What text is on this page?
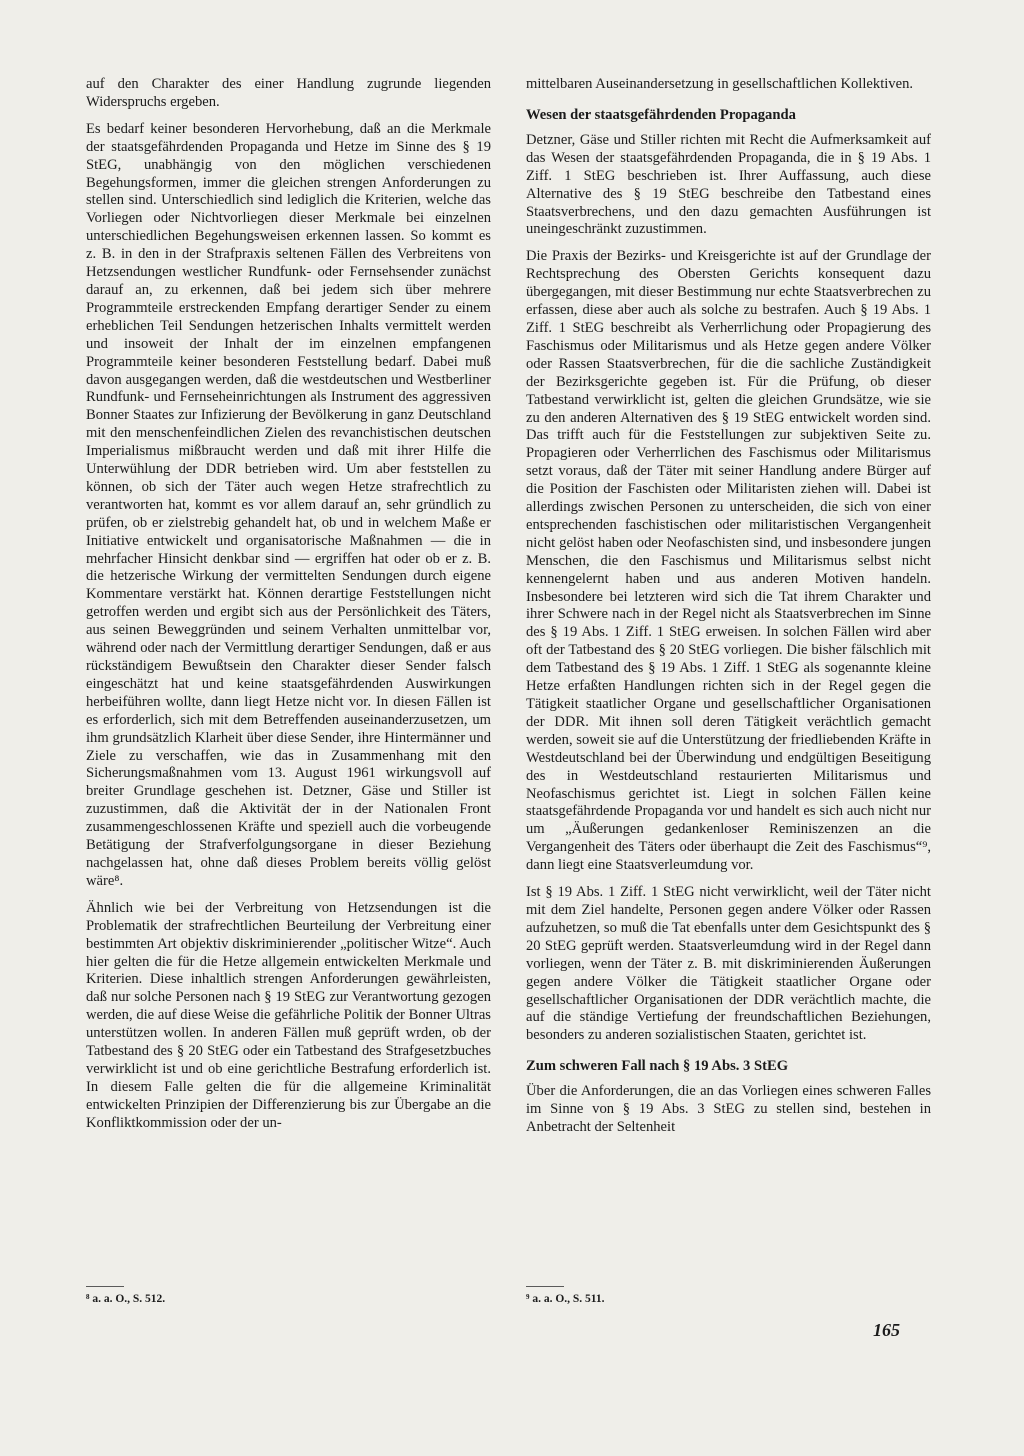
auf den Charakter des einer Handlung zugrunde liegenden Widerspruchs ergeben.

Es bedarf keiner besonderen Hervorhebung, daß an die Merkmale der staatsgefährdenden Propaganda und Hetze im Sinne des § 19 StEG, unabhängig von den möglichen verschiedenen Begehungsformen, immer die gleichen strengen Anforderungen zu stellen sind. Unterschiedlich sind lediglich die Kriterien, welche das Vorliegen oder Nichtvorliegen dieser Merkmale bei einzelnen unterschiedlichen Begehungsweisen erkennen lassen. So kommt es z. B. in den in der Strafpraxis seltenen Fällen des Verbreitens von Hetzsendungen westlicher Rundfunk- oder Fernsehsender zunächst darauf an, zu erkennen, daß bei jedem sich über mehrere Programmteile erstreckenden Empfang derartiger Sender zu einem erheblichen Teil Sendungen hetzerischen Inhalts vermittelt werden und insoweit der Inhalt der im einzelnen empfangenen Programmteile keiner besonderen Feststellung bedarf. Dabei muß davon ausgegangen werden, daß die westdeutschen und Westberliner Rundfunk- und Fernseheinrichtungen als Instrument des aggressiven Bonner Staates zur Infizierung der Bevölkerung in ganz Deutschland mit den menschenfeindlichen Zielen des revanchistischen deutschen Imperialismus mißbraucht werden und daß mit ihrer Hilfe die Unterwühlung der DDR betrieben wird. Um aber feststellen zu können, ob sich der Täter auch wegen Hetze strafrechtlich zu verantworten hat, kommt es vor allem darauf an, sehr gründlich zu prüfen, ob er zielstrebig gehandelt hat, ob und in welchem Maße er Initiative entwickelt und organisatorische Maßnahmen — die in mehrfacher Hinsicht denkbar sind — ergriffen hat oder ob er z. B. die hetzerische Wirkung der vermittelten Sendungen durch eigene Kommentare verstärkt hat. Können derartige Feststellungen nicht getroffen werden und ergibt sich aus der Persönlichkeit des Täters, aus seinen Beweggründen und seinem Verhalten unmittelbar vor, während oder nach der Vermittlung derartiger Sendungen, daß er aus rückständigem Bewußtsein den Charakter dieser Sender falsch eingeschätzt hat und keine staatsgefährdenden Auswirkungen herbeiführen wollte, dann liegt Hetze nicht vor. In diesen Fällen ist es erforderlich, sich mit dem Betreffenden auseinanderzusetzen, um ihm grundsätzlich Klarheit über diese Sender, ihre Hintermänner und Ziele zu verschaffen, wie das in Zusammenhang mit den Sicherungsmaßnahmen vom 13. August 1961 wirkungsvoll auf breiter Grundlage geschehen ist. Detzner, Gäse und Stiller ist zuzustimmen, daß die Aktivität der in der Nationalen Front zusammengeschlossenen Kräfte und speziell auch die vorbeugende Betätigung der Strafverfolgungsorgane in dieser Beziehung nachgelassen hat, ohne daß dieses Problem bereits völlig gelöst wäre⁸.

Ähnlich wie bei der Verbreitung von Hetzsendungen ist die Problematik der strafrechtlichen Beurteilung der Verbreitung einer bestimmten Art objektiv diskriminierender „politischer Witze“. Auch hier gelten die für die Hetze allgemein entwickelten Merkmale und Kriterien. Diese inhaltlich strengen Anforderungen gewährleisten, daß nur solche Personen nach § 19 StEG zur Verantwortung gezogen werden, die auf diese Weise die gefährliche Politik der Bonner Ultras unterstützen wollen. In anderen Fällen muß geprüft wrden, ob der Tatbestand des § 20 StEG oder ein Tatbestand des Strafgesetzbuches verwirklicht ist und ob eine gerichtliche Bestrafung erforderlich ist. In diesem Falle gelten die für die allgemeine Kriminalität entwickelten Prinzipien der Differenzierung bis zur Übergabe an die Konfliktkommission oder der un-

mittelbaren Auseinandersetzung in gesellschaftlichen Kollektiven.

Wesen der staatsgefährdenden Propaganda

Detzner, Gäse und Stiller richten mit Recht die Aufmerksamkeit auf das Wesen der staatsgefährdenden Propaganda, die in § 19 Abs. 1 Ziff. 1 StEG beschrieben ist. Ihrer Auffassung, auch diese Alternative des § 19 StEG beschreibe den Tatbestand eines Staatsverbrechens, und den dazu gemachten Ausführungen ist uneingeschränkt zuzustimmen.

Die Praxis der Bezirks- und Kreisgerichte ist auf der Grundlage der Rechtsprechung des Obersten Gerichts konsequent dazu übergegangen, mit dieser Bestimmung nur echte Staatsverbrechen zu erfassen, diese aber auch als solche zu bestrafen. Auch § 19 Abs. 1 Ziff. 1 StEG beschreibt als Verherrlichung oder Propagierung des Faschismus oder Militarismus und als Hetze gegen andere Völker oder Rassen Staatsverbrechen, für die die sachliche Zuständigkeit der Bezirksgerichte gegeben ist. Für die Prüfung, ob dieser Tatbestand verwirklicht ist, gelten die gleichen Grundsätze, wie sie zu den anderen Alternativen des § 19 StEG entwickelt worden sind. Das trifft auch für die Feststellungen zur subjektiven Seite zu. Propagieren oder Verherrlichen des Faschismus oder Militarismus setzt voraus, daß der Täter mit seiner Handlung andere Bürger auf die Position der Faschisten oder Militaristen ziehen will. Dabei ist allerdings zwischen Personen zu unterscheiden, die sich von einer entsprechenden faschistischen oder militaristischen Vergangenheit nicht gelöst haben oder Neofaschisten sind, und insbesondere jungen Menschen, die den Faschismus und Militarismus selbst nicht kennengelernt haben und aus anderen Motiven handeln. Insbesondere bei letzteren wird sich die Tat ihrem Charakter und ihrer Schwere nach in der Regel nicht als Staatsverbrechen im Sinne des § 19 Abs. 1 Ziff. 1 StEG erweisen. In solchen Fällen wird aber oft der Tatbestand des § 20 StEG vorliegen. Die bisher fälschlich mit dem Tatbestand des § 19 Abs. 1 Ziff. 1 StEG als sogenannte kleine Hetze erfaßten Handlungen richten sich in der Regel gegen die Tätigkeit staatlicher Organe und gesellschaftlicher Organisationen der DDR. Mit ihnen soll deren Tätigkeit verächtlich gemacht werden, soweit sie auf die Unterstützung der friedliebenden Kräfte in Westdeutschland bei der Überwindung und endgültigen Beseitigung des in Westdeutschland restaurierten Militarismus und Neofaschismus gerichtet ist. Liegt in solchen Fällen keine staatsgefährdende Propaganda vor und handelt es sich auch nicht nur um „Äußerungen gedankenloser Reminiszenzen an die Vergangenheit des Täters oder überhaupt die Zeit des Faschismus“⁹, dann liegt eine Staatsverleumdung vor.

Ist § 19 Abs. 1 Ziff. 1 StEG nicht verwirklicht, weil der Täter nicht mit dem Ziel handelte, Personen gegen andere Völker oder Rassen aufzuhetzen, so muß die Tat ebenfalls unter dem Gesichtspunkt des § 20 StEG geprüft werden. Staatsverleumdung wird in der Regel dann vorliegen, wenn der Täter z. B. mit diskriminierenden Äußerungen gegen andere Völker die Tätigkeit staatlicher Organe oder gesellschaftlicher Organisationen der DDR verächtlich machte, die auf die ständige Vertiefung der freundschaftlichen Beziehungen, besonders zu anderen sozialistischen Staaten, gerichtet ist.

Zum schweren Fall nach § 19 Abs. 3 StEG

Über die Anforderungen, die an das Vorliegen eines schweren Falles im Sinne von § 19 Abs. 3 StEG zu stellen sind, bestehen in Anbetracht der Seltenheit

⁸ a. a. O., S. 512.	⁹ a. a. O., S. 511.
165
